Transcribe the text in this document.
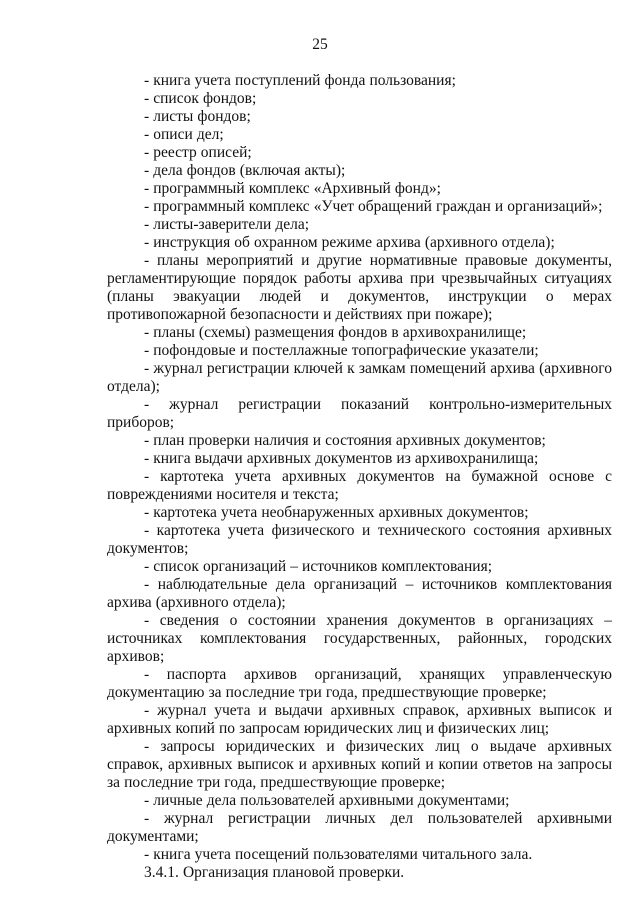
25

- книга учета поступлений фонда пользования;

- список фондов;

- листы фондов;

- описи дел;

- реестр описей;

- дела фондов (включая акты);

- программный комплекс «Архивный фонд»;

- программный комплекс «Учет обращений граждан и организаций»;

- листы-заверители дела;

- инструкция об охранном режиме архива (архивного отдела);

- планы мероприятий и другие нормативные правовые документы, регламентирующие порядок работы архива при чрезвычайных ситуациях (планы эвакуации людей и документов, инструкции о мерах противопожарной безопасности и действиях при пожаре);

- планы (схемы) размещения фондов в архивохранилище;

- пофондовые и постеллажные топографические указатели;

- журнал регистрации ключей к замкам помещений архива (архивного отдела);

- журнал регистрации показаний контрольно-измерительных приборов;

- план проверки наличия и состояния архивных документов;

- книга выдачи архивных документов из архивохранилища;

- картотека учета архивных документов на бумажной основе с повреждениями носителя и текста;

- картотека учета необнаруженных архивных документов;

- картотека учета физического и технического состояния архивных документов;

- список организаций – источников комплектования;

- наблюдательные дела организаций – источников комплектования архива (архивного отдела);

- сведения о состоянии хранения документов в организациях – источниках комплектования государственных, районных, городских архивов;

- паспорта архивов организаций, хранящих управленческую документацию за последние три года, предшествующие проверке;

- журнал учета и выдачи архивных справок, архивных выписок и архивных копий по запросам юридических лиц и физических лиц;

- запросы юридических и физических лиц о выдаче архивных справок, архивных выписок и архивных копий и копии ответов на запросы за последние три года, предшествующие проверке;

- личные дела пользователей архивными документами;

- журнал регистрации личных дел пользователей архивными документами;

- книга учета посещений пользователями читального зала.

3.4.1. Организация плановой проверки.
